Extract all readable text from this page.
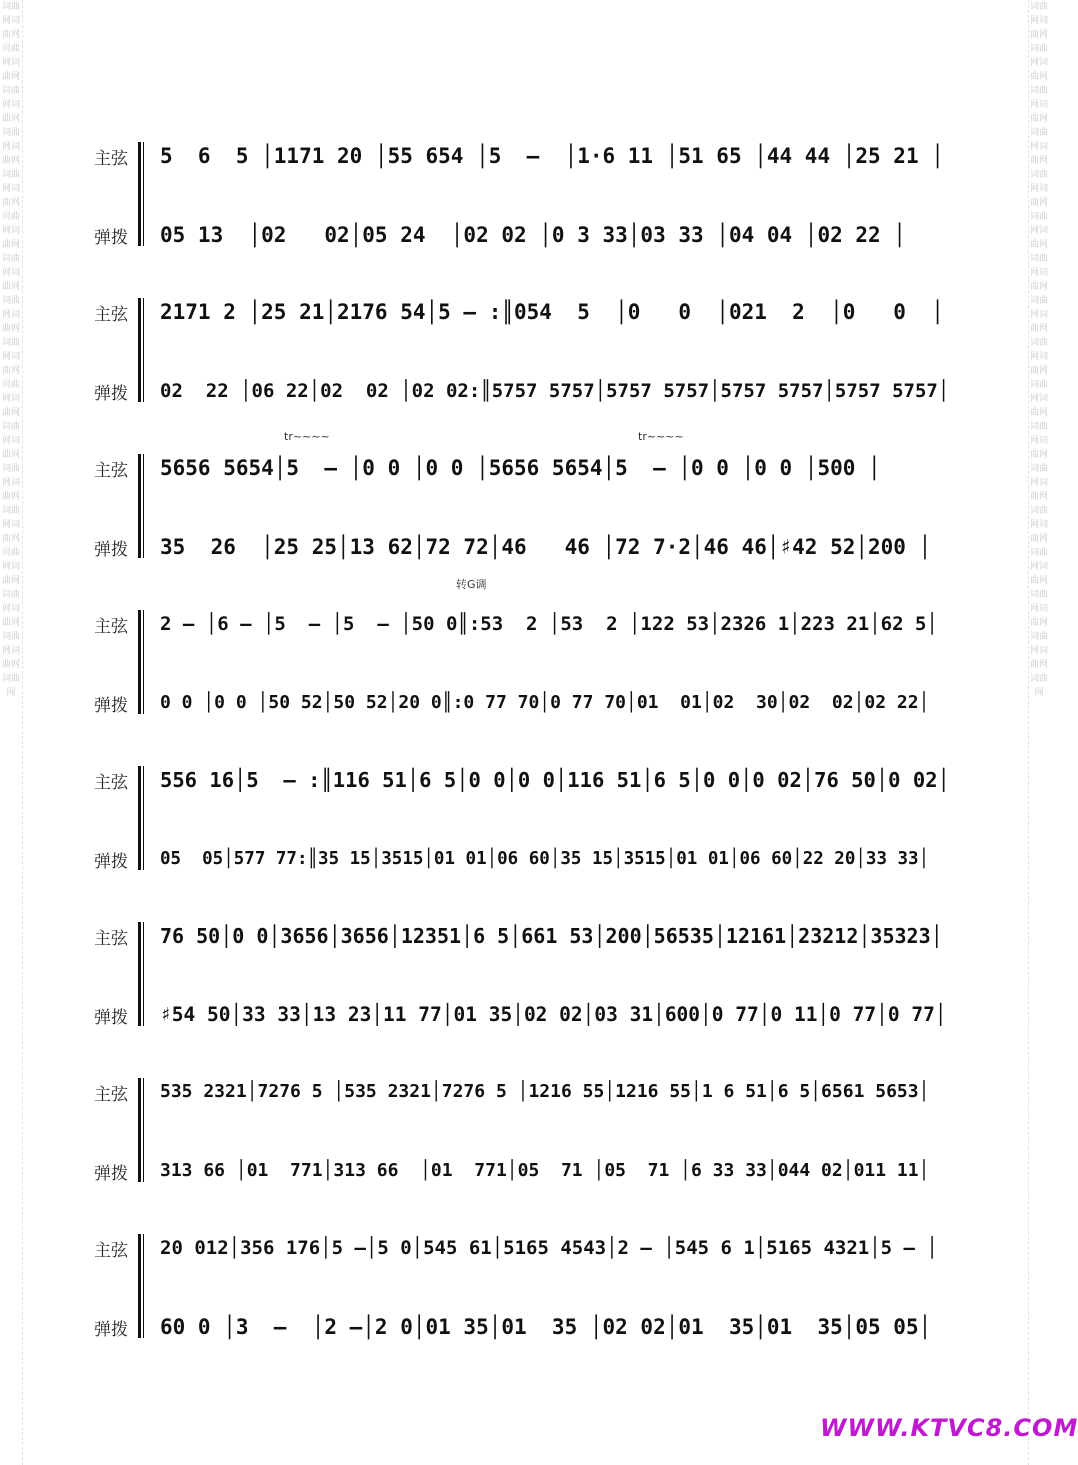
词曲网词曲网词曲网词曲网词曲网词曲网词曲网词曲网词曲网词曲网词曲网词曲网词曲网词曲网词曲网词曲网词曲网词曲网词曲网词曲网词曲网词曲网词曲网词曲网词曲网词曲网词曲网词曲网词曲网词曲网词曲网词曲网词曲网
词曲网词曲网词曲网词曲网词曲网词曲网词曲网词曲网词曲网词曲网词曲网词曲网词曲网词曲网词曲网词曲网词曲网词曲网词曲网词曲网词曲网词曲网词曲网词曲网词曲网词曲网词曲网词曲网词曲网词曲网词曲网词曲网词曲网
主弦 5  6  5 │1171 20 │55 654 │5  –  │1·6 11 │51 65 │44 44 │25 21 │
弹拨 05 13  │02   02│05 24  │02 02 │0 3 33│03 33 │04 04 │02 22 │
主弦 2171 2 │25 21│2176 54│5 – :║054  5  │0   0  │021  2  │0   0  │
弹拨 02  22 │06 22│02  02 │02 02:║5757 5757│5757 5757│5757 5757│5757 5757│
tr~~~~	tr~~~~
主弦 5656 5654│5  – │0 0 │0 0 │5656 5654│5  – │0 0 │0 0 │500 │
弹拨 35  26  │25 25│13 62│72 72│46   46 │72 7·2│46 46│♯42 52│200 │
转G调
主弦 2 – │6 – │5  – │5  – │50 0║:53  2 │53  2 │122 53│2326 1│223 21│62 5│
弹拨 0 0 │0 0 │50 52│50 52│20 0║:0 77 70│0 77 70│01  01│02  30│02  02│02 22│
主弦 556 16│5  – :║116 51│6 5│0 0│0 0│116 51│6 5│0 0│0 02│76 50│0 02│
弹拨 05  05│577 77:║35 15│3515│01 01│06 60│35 15│3515│01 01│06 60│22 20│33 33│
主弦 76 50│0 0│3656│3656│12351│6 5│661 53│200│56535│12161│23212│35323│
弹拨 ♯54 50│33 33│13 23│11 77│01 35│02 02│03 31│600│0 77│0 11│0 77│0 77│
主弦 535 2321│7276 5 │535 2321│7276 5 │1216 55│1216 55│1 6 51│6 5│6561 5653│
弹拨 313 66 │01  771│313 66  │01  771│05  71 │05  71 │6 33 33│044 02│011 11│
主弦 20 012│356 176│5 –│5 0│545 61│5165 4543│2 – │545 6 1│5165 4321│5 – │
弹拨 60 0 │3  –  │2 –│2 0│01 35│01  35 │02 02│01  35│01  35│05 05│
WWW.KTVC8.COM
